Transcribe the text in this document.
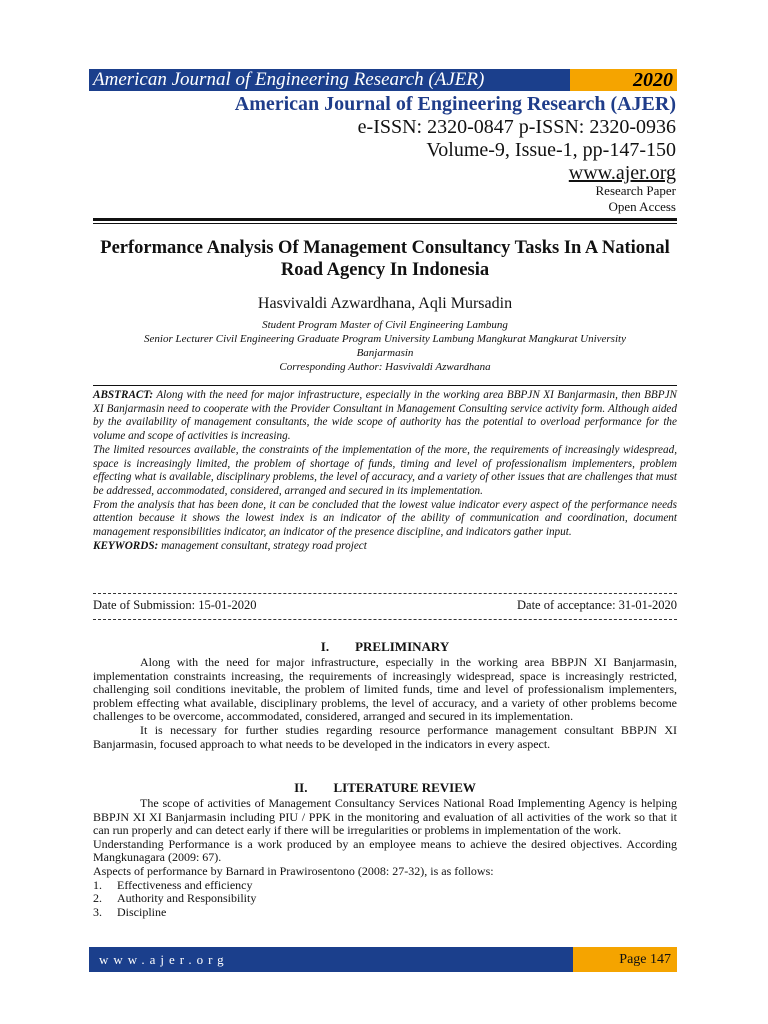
American Journal of Engineering Research (AJER)	2020
American Journal of Engineering Research (AJER)
e-ISSN: 2320-0847 p-ISSN: 2320-0936
Volume-9, Issue-1, pp-147-150
www.ajer.org
Research Paper
Open Access
Performance Analysis Of Management Consultancy Tasks In A National Road Agency In Indonesia
Hasvivaldi Azwardhana, Aqli Mursadin
Student Program Master of Civil Engineering Lambung
Senior Lecturer Civil Engineering Graduate Program University Lambung Mangkurat Mangkurat University
Banjarmasin
Corresponding Author: Hasvivaldi Azwardhana

ABSTRACT: Along with the need for major infrastructure, especially in the working area BBPJN XI Banjarmasin, then BBPJN XI Banjarmasin need to cooperate with the Provider Consultant in Management Consulting service activity form. Although aided by the availability of management consultants, the wide scope of authority has the potential to overload performance for the volume and scope of activities is increasing.

The limited resources available, the constraints of the implementation of the more, the requirements of increasingly widespread, space is increasingly limited, the problem of shortage of funds, timing and level of professionalism implementers, problem effecting what is available, disciplinary problems, the level of accuracy, and a variety of other issues that are challenges that must be addressed, accommodated, considered, arranged and secured in its implementation.

From the analysis that has been done, it can be concluded that the lowest value indicator every aspect of the performance needs attention because it shows the lowest index is an indicator of the ability of communication and coordination, document management responsibilities indicator, an indicator of the presence discipline, and indicators gather input.

KEYWORDS: management consultant, strategy road project

Date of Submission: 15-01-2020	Date of acceptance: 31-01-2020
I.        PRELIMINARY

Along with the need for major infrastructure, especially in the working area BBPJN XI Banjarmasin, implementation constraints increasing, the requirements of increasingly widespread, space is increasingly restricted, challenging soil conditions inevitable, the problem of limited funds, time and level of professionalism implementers, problem effecting what available, disciplinary problems, the level of accuracy, and a variety of other problems become challenges to be overcome, accommodated, considered, arranged and secured in its implementation.

It is necessary for further studies regarding resource performance management consultant BBPJN XI Banjarmasin, focused approach to what needs to be developed in the indicators in every aspect.

II.        LITERATURE REVIEW

The scope of activities of Management Consultancy Services National Road Implementing Agency is helping BBPJN XI XI Banjarmasin including PIU / PPK in the monitoring and evaluation of all activities of the work so that it can run properly and can detect early if there will be irregularities or problems in implementation of the work.

Understanding Performance is a work produced by an employee means to achieve the desired objectives. According Mangkunagara (2009: 67).

Aspects of performance by Barnard in Prawirosentono (2008: 27-32), is as follows:

1.	Effectiveness and efficiency
2.	Authority and Responsibility
3.	Discipline
www.ajer.org	Page 147
